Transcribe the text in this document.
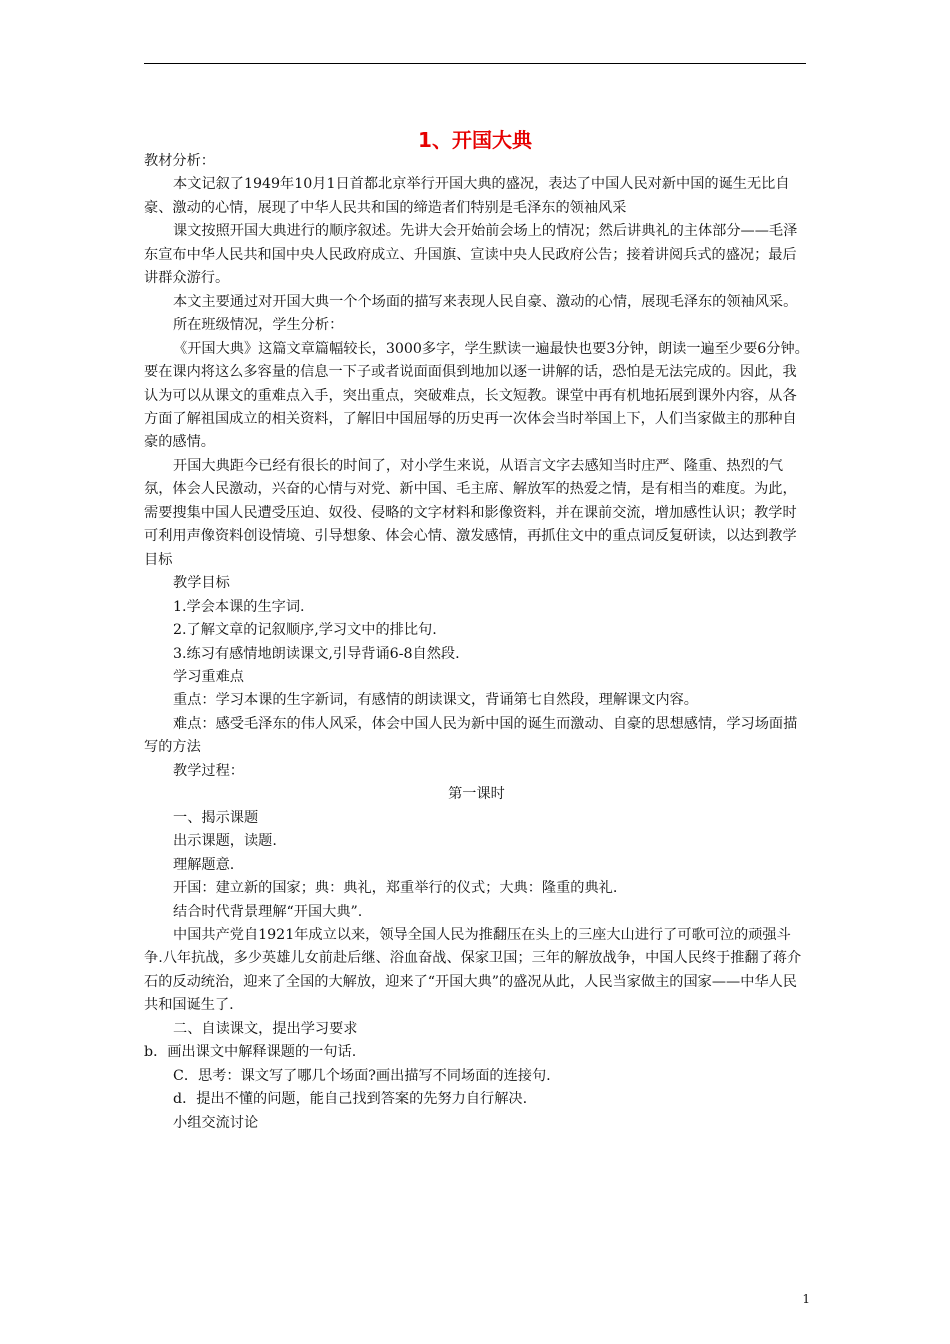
1、开国大典

教材分析：

本文记叙了1949年10月1日首都北京举行开国大典的盛况，表达了中国人民对新中国的诞生无比自豪、激动的心情，展现了中华人民共和国的缔造者们特别是毛泽东的领袖风采

课文按照开国大典进行的顺序叙述。先讲大会开始前会场上的情况；然后讲典礼的主体部分——毛泽东宣布中华人民共和国中央人民政府成立、升国旗、宣读中央人民政府公告；接着讲阅兵式的盛况；最后讲群众游行。

本文主要通过对开国大典一个个场面的描写来表现人民自豪、激动的心情，展现毛泽东的领袖风采。

所在班级情况，学生分析：

《开国大典》这篇文章篇幅较长，3000多字，学生默读一遍最快也要3分钟，朗读一遍至少要6分钟。要在课内将这么多容量的信息一下子或者说面面俱到地加以逐一讲解的话，恐怕是无法完成的。因此，我认为可以从课文的重难点入手，突出重点，突破难点，长文短教。课堂中再有机地拓展到课外内容，从各方面了解祖国成立的相关资料，了解旧中国屈辱的历史再一次体会当时举国上下，人们当家做主的那种自豪的感情。

开国大典距今已经有很长的时间了，对小学生来说，从语言文字去感知当时庄严、隆重、热烈的气氛，体会人民激动，兴奋的心情与对党、新中国、毛主席、解放军的热爱之情，是有相当的难度。为此，需要搜集中国人民遭受压迫、奴役、侵略的文字材料和影像资料，并在课前交流，增加感性认识；教学时可利用声像资料创设情境、引导想象、体会心情、激发感情，再抓住文中的重点词反复研读，以达到教学目标

教学目标

1.学会本课的生字词.

2.了解文章的记叙顺序,学习文中的排比句.

3.练习有感情地朗读课文,引导背诵6-8自然段.

学习重难点

重点：学习本课的生字新词，有感情的朗读课文，背诵第七自然段，理解课文内容。

难点：感受毛泽东的伟人风采，体会中国人民为新中国的诞生而激动、自豪的思想感情，学习场面描写的方法

教学过程：

第一课时

一、揭示课题

出示课题，读题.

理解题意.

开国：建立新的国家；典：典礼，郑重举行的仪式；大典：隆重的典礼.

结合时代背景理解“开国大典”.

中国共产党自1921年成立以来，领导全国人民为推翻压在头上的三座大山进行了可歌可泣的顽强斗争.八年抗战，多少英雄儿女前赴后继、浴血奋战、保家卫国；三年的解放战争，中国人民终于推翻了蒋介石的反动统治，迎来了全国的大解放，迎来了“开国大典”的盛况从此，人民当家做主的国家——中华人民共和国诞生了.

二、自读课文，提出学习要求

b．画出课文中解释课题的一句话.

C．思考：课文写了哪几个场面?画出描写不同场面的连接句.

d．提出不懂的问题，能自己找到答案的先努力自行解决.

小组交流讨论

1
